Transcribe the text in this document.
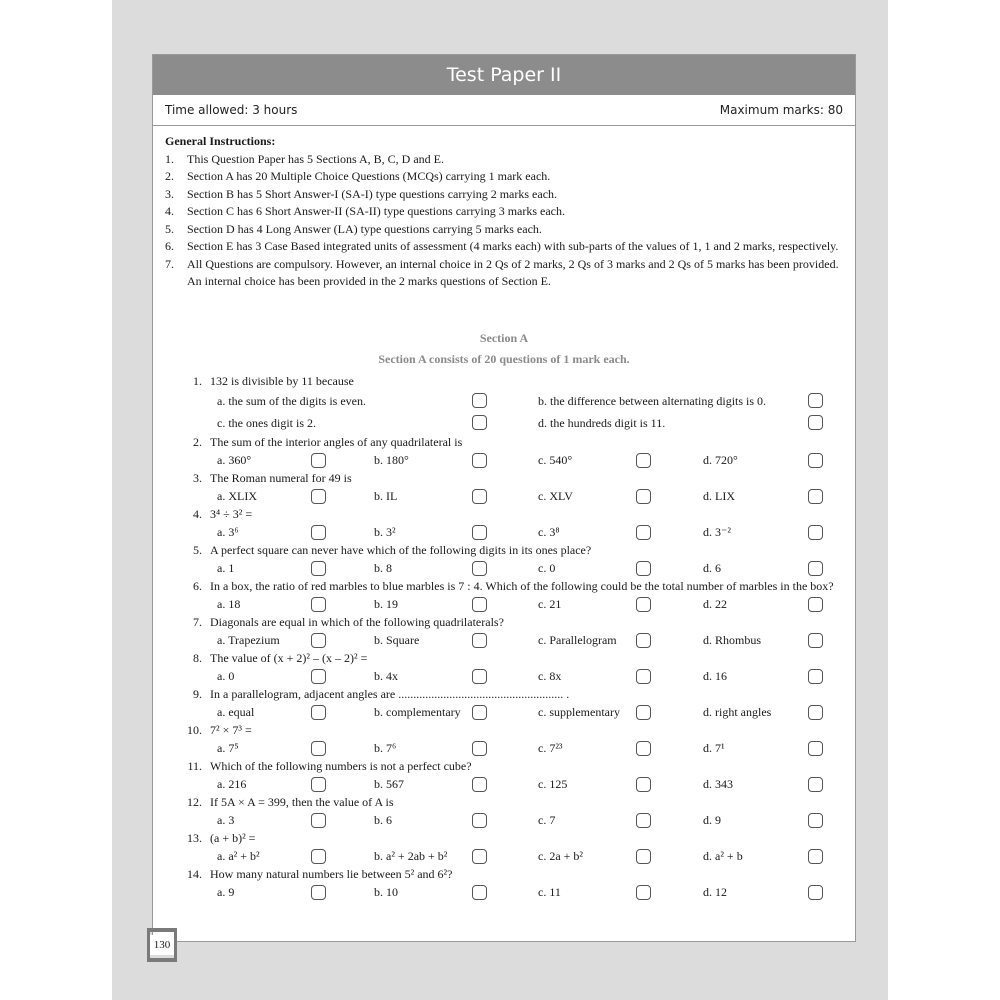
Test Paper II
Time allowed: 3 hours	Maximum marks: 80
General Instructions:
1.	This Question Paper has 5 Sections A, B, C, D and E.
2.	Section A has 20 Multiple Choice Questions (MCQs) carrying 1 mark each.
3.	Section B has 5 Short Answer-I (SA-I) type questions carrying 2 marks each.
4.	Section C has 6 Short Answer-II (SA-II) type questions carrying 3 marks each.
5.	Section D has 4 Long Answer (LA) type questions carrying 5 marks each.
6.	Section E has 3 Case Based integrated units of assessment (4 marks each) with sub-parts of the values of 1, 1 and 2 marks, respectively.
7.	All Questions are compulsory. However, an internal choice in 2 Qs of 2 marks, 2 Qs of 3 marks and 2 Qs of 5 marks has been provided. An internal choice has been provided in the 2 marks questions of Section E.
Section A
Section A consists of 20 questions of 1 mark each.
1. 132 is divisible by 11 because
a. the sum of the digits is even.	b. the difference between alternating digits is 0.
c. the ones digit is 2.	d. the hundreds digit is 11.
2. The sum of the interior angles of any quadrilateral is
a. 360°	b. 180°	c. 540°	d. 720°
3. The Roman numeral for 49 is
a. XLIX	b. IL	c. XLV	d. LIX
4. 3⁴ ÷ 3² =
a. 3⁶	b. 3²	c. 3⁸	d. 3⁻²
5. A perfect square can never have which of the following digits in its ones place?
a. 1	b. 8	c. 0	d. 6
6. In a box, the ratio of red marbles to blue marbles is 7 : 4. Which of the following could be the total number of marbles in the box?
a. 18	b. 19	c. 21	d. 22
7. Diagonals are equal in which of the following quadrilaterals?
a. Trapezium	b. Square	c. Parallelogram	d. Rhombus
8. The value of (x + 2)² – (x – 2)² =
a. 0	b. 4x	c. 8x	d. 16
9. In a parallelogram, adjacent angles are ....................................................... .
a. equal	b. complementary	c. supplementary	d. right angles
10. 7² × 7³ =
a. 7⁵	b. 7⁶	c. 7²³	d. 7¹
11. Which of the following numbers is not a perfect cube?
a. 216	b. 567	c. 125	d. 343
12. If 5A × A = 399, then the value of A is
a. 3	b. 6	c. 7	d. 9
13. (a + b)² =
a. a² + b²	b. a² + 2ab + b²	c. 2a + b²	d. a² + b
14. How many natural numbers lie between 5² and 6²?
a. 9	b. 10	c. 11	d. 12
130
